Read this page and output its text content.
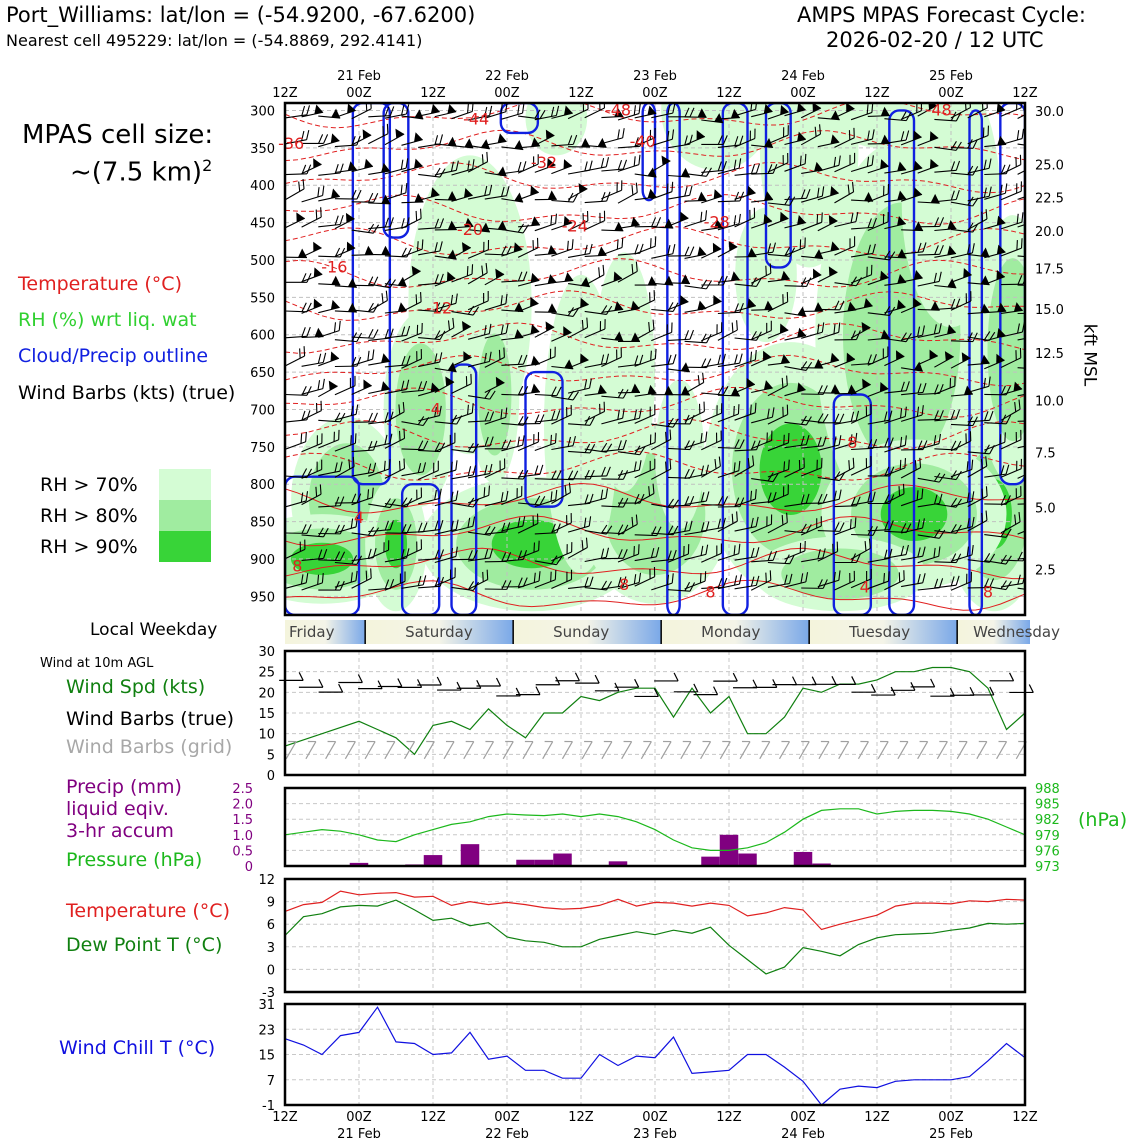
Port_Williams: lat/lon = (-54.9200, -67.6200)
Nearest cell 495229: lat/lon = (-54.8869, 292.4141)
AMPS MPAS Forecast Cycle:
2026-02-20 / 12 UTC
MPAS cell size:
~(7.5 km)$^2$
Temperature (°C)
RH (%) wrt liq. wat
Cloud/Precip outline
Wind Barbs (kts) (true)
RH > 70%
RH > 80%
RH > 90%
Local Weekday
Wind at 10m AGL
Wind Spd (kts)
Wind Barbs (true)
Wind Barbs (grid)
Precip (mm)
liquid eqiv.
3-hr accum
Pressure (hPa)
Temperature (°C)
Dew Point T (°C)
Wind Chill T (°C)
kft MSL
(hPa)
-44	-48	-48
-36	-40
-32
-28
-24
-20
-16
-12
-4
4
8
8
4
8	8	8
300
350
400
450
500
550
600
650
700
750
800
850
900
950
30.0
25.0
22.5
20.0
17.5
15.0
12.5
10.0
7.5
5.0
2.5
12Z	00Z	12Z	00Z	12Z	00Z	12Z	00Z	12Z	00Z	12Z
21 Feb	22 Feb	23 Feb	24 Feb	25 Feb
Friday	Saturday	Sunday	Monday	Tuesday	Wednesday
0
5
10
15
20
25
30
0
0.5
1.0
1.5
2.0
2.5
973
976
979
982
985
988
-3
0
3
6
9
12
-1
7
15
23
31
12Z	00Z	12Z	00Z	12Z	00Z	12Z	00Z	12Z	00Z	12Z
21 Feb	22 Feb	23 Feb	24 Feb	25 Feb
